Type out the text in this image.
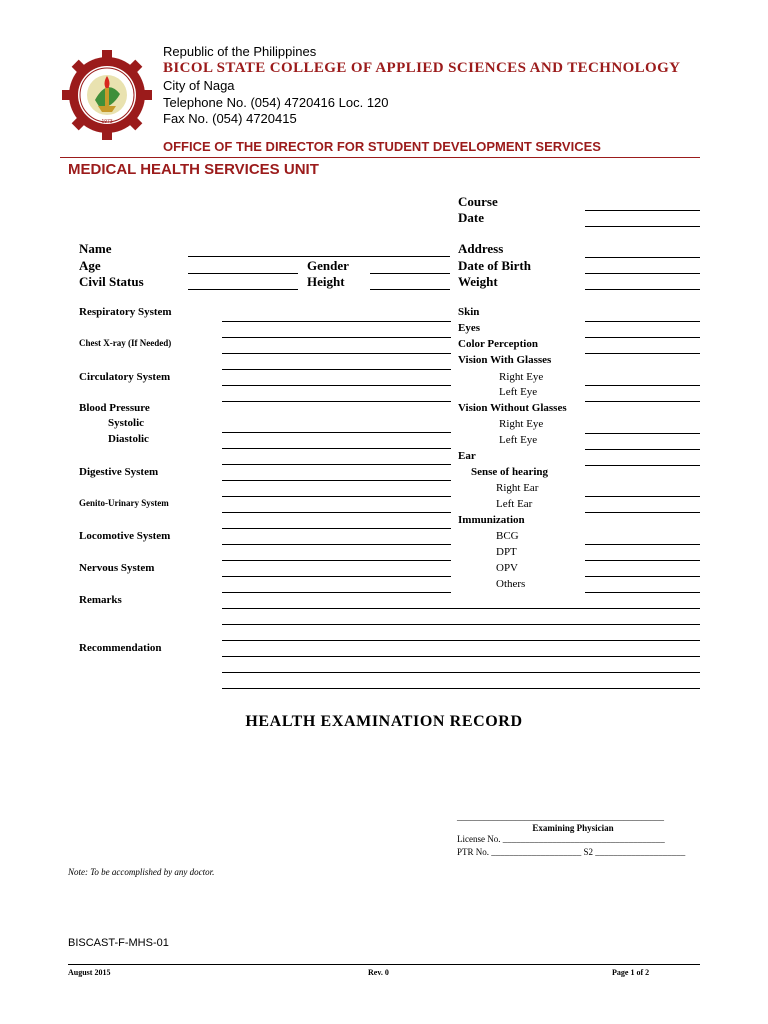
1973
Republic of the Philippines
BICOL STATE COLLEGE OF APPLIED SCIENCES AND TECHNOLOGY
City of Naga
Telephone No. (054) 4720416 Loc. 120
Fax No. (054) 4720415
OFFICE OF THE DIRECTOR FOR STUDENT DEVELOPMENT SERVICES
MEDICAL HEALTH SERVICES UNIT
Course
Date
Name	Address
Age	Gender	Date of Birth
Civil Status	Height	Weight
Respiratory System
Chest X-ray (If Needed)
Circulatory System
Blood Pressure
Systolic
Diastolic
Digestive System
Genito-Urinary System
Locomotive System
Nervous System
Remarks
Recommendation
Skin
Eyes
Color Perception
Vision With Glasses
Right Eye
Left Eye
Vision Without Glasses
Right Eye
Left Eye
Ear
Sense of hearing
Right Ear
Left Ear
Immunization
BCG
DPT
OPV
Others
HEALTH EXAMINATION RECORD
______________________________________________
Examining Physician
License No. ____________________________________
PTR No. ____________________ S2 ____________________
Note: To be accomplished by any doctor.
BISCAST-F-MHS-01
August 2015	Rev. 0	Page 1 of 2
